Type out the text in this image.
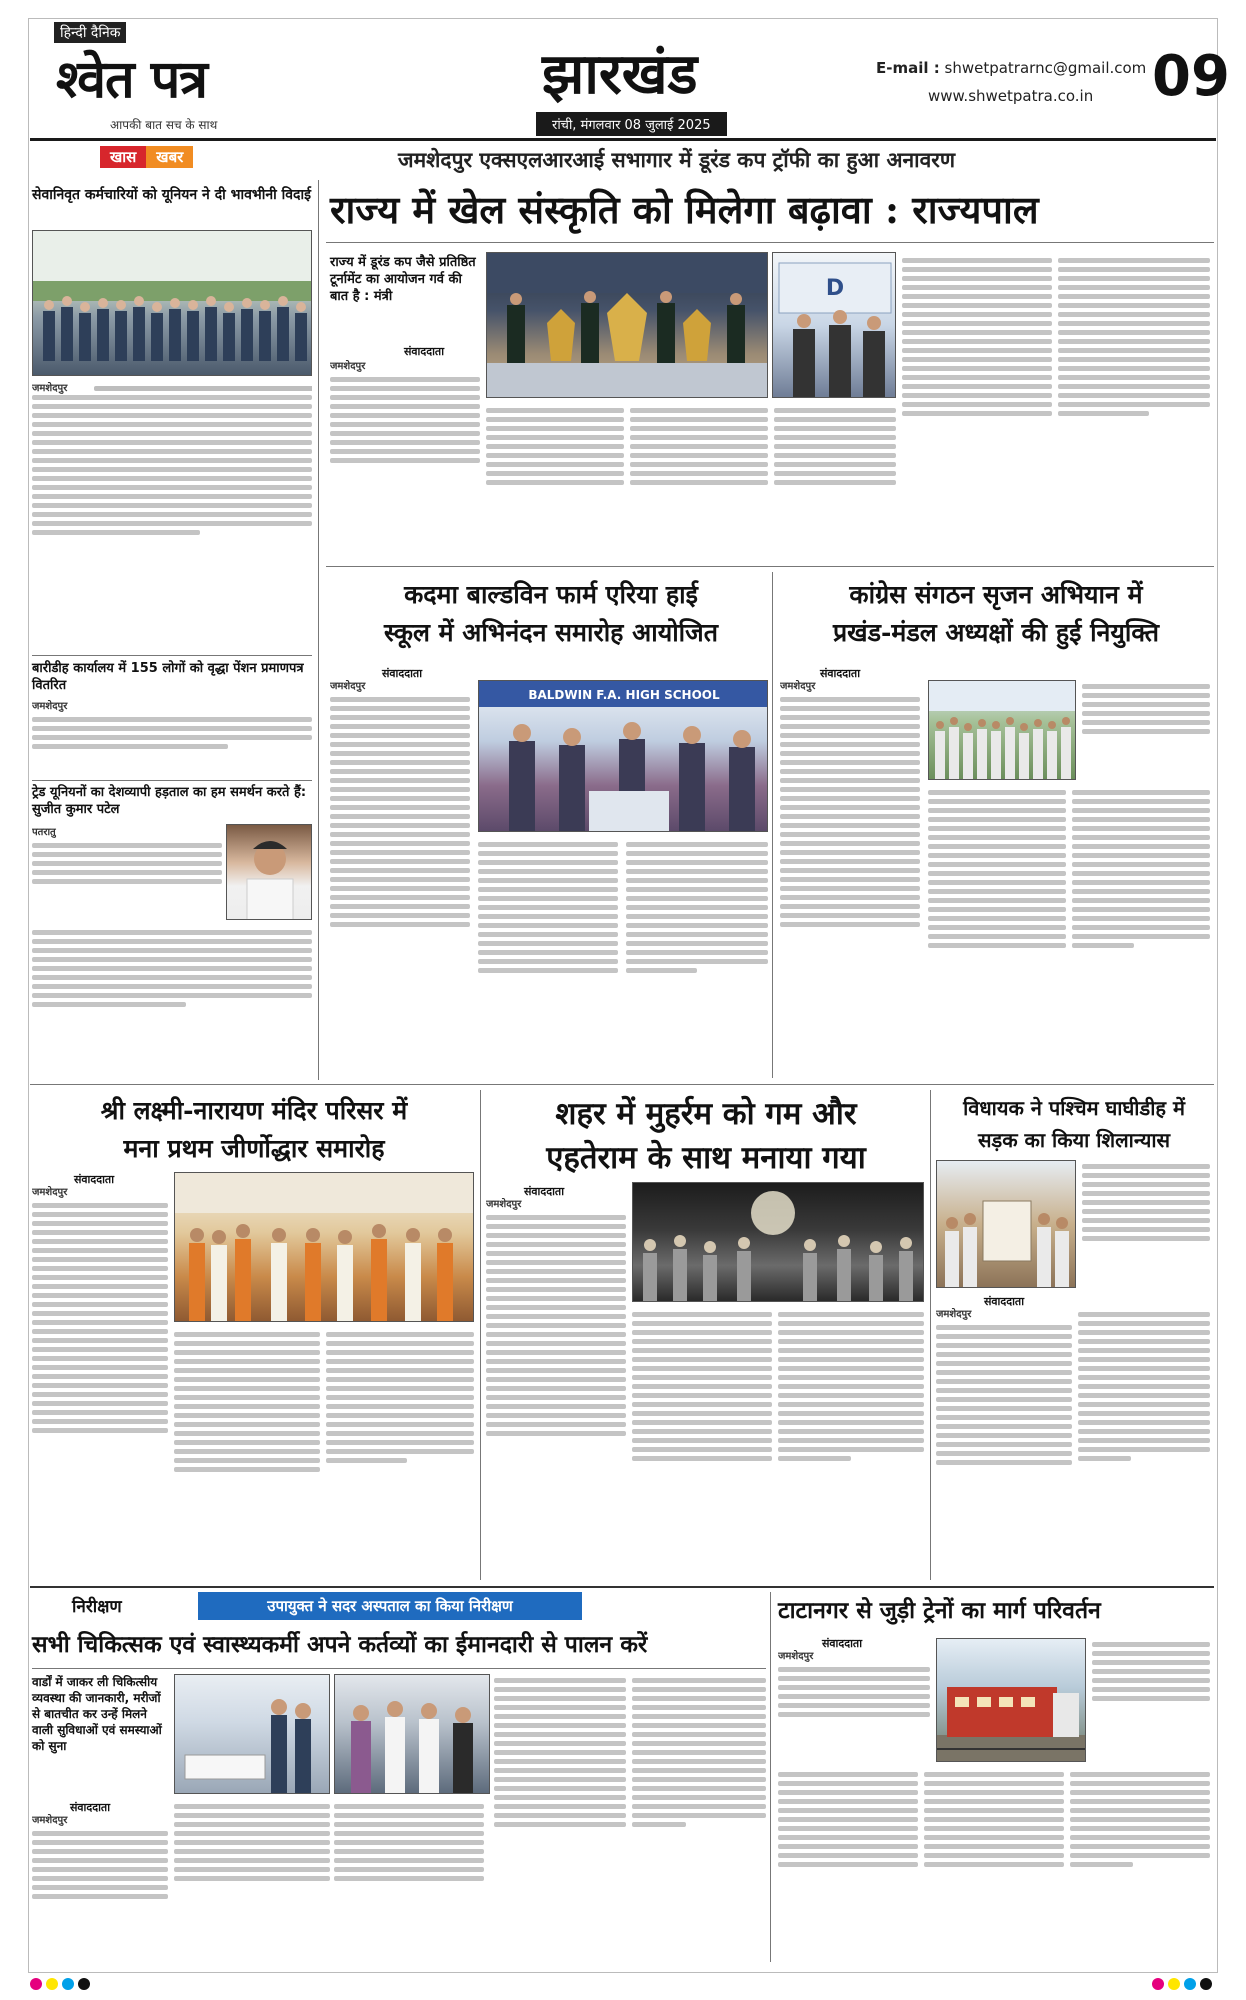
हिन्दी दैनिक
श्वेत पत्र
आपकी बात सच के साथ
झारखंड
रांची, मंगलवार 08 जुलाई 2025
E-mail : shwetpatrarnc@gmail.com
www.shwetpatra.co.in	09
खास	खबर	जमशेदपुर एक्सएलआरआई सभागार में डूरंड कप ट्रॉफी का हुआ अनावरण
सेवानिवृत कर्मचारियों को यूनियन ने दी भावभीनी विदाई
जमशेदपुर
बारीडीह कार्यालय में 155 लोगों को वृद्धा पेंशन प्रमाणपत्र वितरित
जमशेदपुर
ट्रेड यूनियनों का देशव्यापी हड़ताल का हम समर्थन करते हैं: सुजीत कुमार पटेल
पतरातु
राज्य में खेल संस्कृति को मिलेगा बढ़ावा : राज्यपाल
राज्य में डूरंड कप जैसे प्रतिष्ठित टूर्नामेंट का आयोजन गर्व की बात है : मंत्री
संवाददाता
जमशेदपुर
D
कदमा बाल्डविन फार्म एरिया हाई
स्कूल में अभिनंदन समारोह आयोजित
संवाददाता
जमशेदपुर
BALDWIN F.A. HIGH SCHOOL
कांग्रेस संगठन सृजन अभियान में
प्रखंड-मंडल अध्यक्षों की हुई नियुक्ति
संवाददाता
जमशेदपुर
श्री लक्ष्मी-नारायण मंदिर परिसर में
मना प्रथम जीर्णोद्धार समारोह
संवाददाता
जमशेदपुर
शहर में मुहर्रम को गम और
एहतेराम के साथ मनाया गया
संवाददाता
जमशेदपुर
विधायक ने पश्चिम घाघीडीह में
सड़क का किया शिलान्यास
संवाददाता
जमशेदपुर
निरीक्षण	उपायुक्त ने सदर अस्पताल का किया निरीक्षण
सभी चिकित्सक एवं स्वास्थ्यकर्मी अपने कर्तव्यों का ईमानदारी से पालन करें
वार्डों में जाकर ली चिकित्सीय व्यवस्था की जानकारी, मरीजों से बातचीत कर उन्हें मिलने वाली सुविधाओं एवं समस्याओं को सुना
संवाददाता
जमशेदपुर
टाटानगर से जुड़ी ट्रेनों का मार्ग परिवर्तन
संवाददाता
जमशेदपुर
